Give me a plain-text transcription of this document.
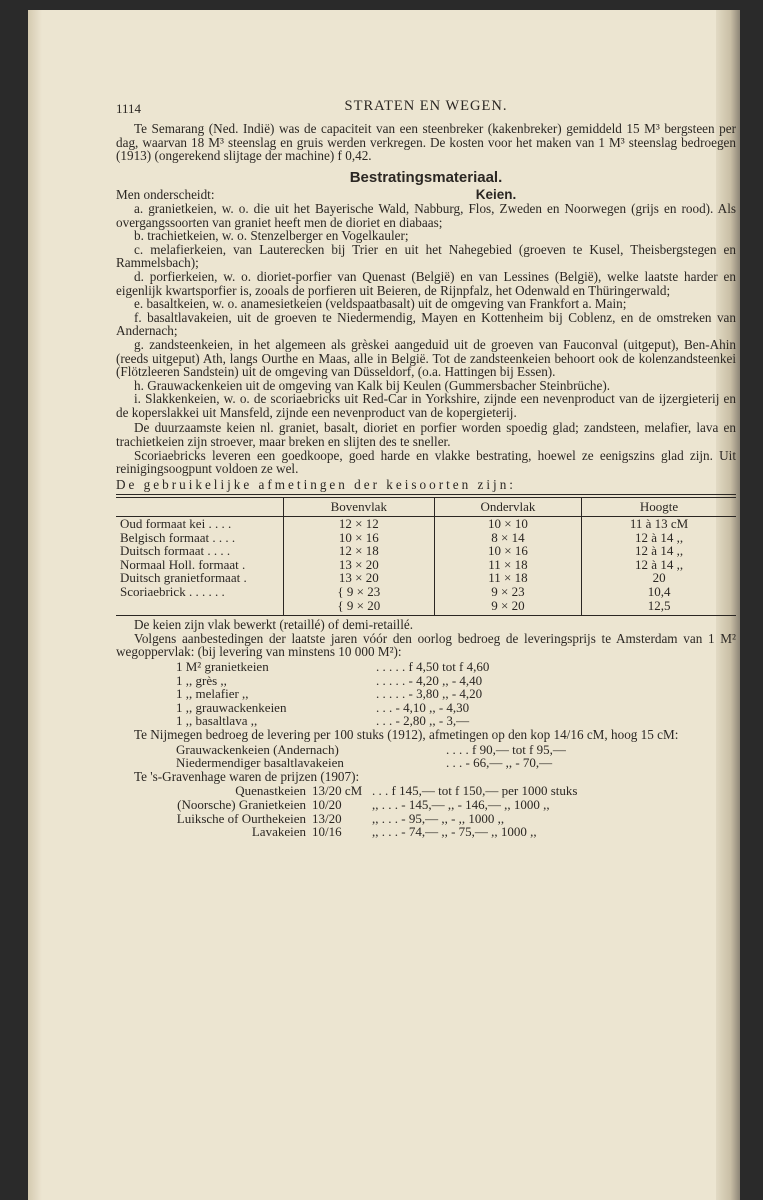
1114	STRATEN EN WEGEN.

Te Semarang (Ned. Indië) was de capaciteit van een steenbreker (kakenbreker) gemiddeld 15 M³ bergsteen per dag, waarvan 18 M³ steenslag en gruis werden verkregen. De kosten voor het maken van 1 M³ steenslag bedroegen (1913) (ongerekend slijtage der machine) f 0,42.

Bestratingsmateriaal.
Men onderscheidt:	Keien.

a. granietkeien, w. o. die uit het Bayerische Wald, Nabburg, Flos, Zweden en Noorwegen (grijs en rood). Als overgangssoorten van graniet heeft men de dioriet en diabaas;

b. trachietkeien, w. o. Stenzelberger en Vogelkauler;

c. melafierkeien, van Lauterecken bij Trier en uit het Nahegebied (groeven te Kusel, Theisbergstegen en Rammelsbach);

d. porfierkeien, w. o. dioriet-porfier van Quenast (België) en van Lessines (België), welke laatste harder en eigenlijk kwartsporfier is, zooals de porfieren uit Beieren, de Rijnpfalz, het Odenwald en Thüringerwald;

e. basaltkeien, w. o. anamesietkeien (veldspaatbasalt) uit de omgeving van Frankfort a. Main;

f. basaltlavakeien, uit de groeven te Niedermendig, Mayen en Kottenheim bij Coblenz, en de omstreken van Andernach;

g. zandsteenkeien, in het algemeen als grèskei aangeduid uit de groeven van Fauconval (uitgeput), Ben-Ahin (reeds uitgeput) Ath, langs Ourthe en Maas, alle in België. Tot de zandsteenkeien behoort ook de kolenzandsteenkei (Flötzleeren Sandstein) uit de omgeving van Düsseldorf, (o.a. Hattingen bij Essen).

h. Grauwackenkeien uit de omgeving van Kalk bij Keulen (Gummersbacher Steinbrüche).

i. Slakkenkeien, w. o. de scoriaebricks uit Red-Car in Yorkshire, zijnde een nevenproduct van de ijzergieterij en de koperslakkei uit Mansfeld, zijnde een nevenproduct van de kopergieterij.

De duurzaamste keien nl. graniet, basalt, dioriet en porfier worden spoedig glad; zandsteen, melafier, lava en trachietkeien zijn stroever, maar breken en slijten des te sneller.

Scoriaebricks leveren een goedkoope, goed harde en vlakke bestrating, hoewel ze eenigszins glad zijn. Uit reinigingsoogpunt voldoen ze wel.

De gebruikelijke afmetingen der keisoorten zijn:

	Bovenvlak	Ondervlak	Hoogte
Oud formaat kei . . . .	12 × 12	10 × 10	11 à 13 cM
Belgisch formaat . . . .	10 × 16	8 × 14	12 à 14 ,,
Duitsch formaat . . . .	12 × 18	10 × 16	12 à 14 ,,
Normaal Holl. formaat .	13 × 20	11 × 18	12 à 14 ,,
Duitsch granietformaat .	13 × 20	11 × 18	20
Scoriaebrick . . . . . .	{ 9 × 23	9 × 23	10,4
	{ 9 × 20	9 × 20	12,5

De keien zijn vlak bewerkt (retaillé) of demi-retaillé.

Volgens aanbestedingen der laatste jaren vóór den oorlog bedroeg de leveringsprijs te Amsterdam van 1 M² wegoppervlak: (bij levering van minstens 10 000 M²):

1 M² granietkeien	. . . . . f 4,50 tot f 4,60
1 ,, grès ,,	. . . . . - 4,20 ,, - 4,40
1 ,, melafier ,,	. . . . . - 3,80 ,, - 4,20
1 ,, grauwackenkeien	. . . - 4,10 ,, - 4,30
1 ,, basaltlava ,,	. . . - 2,80 ,, - 3,—

Te Nijmegen bedroeg de levering per 100 stuks (1912), afmetingen op den kop 14/16 cM, hoog 15 cM:

Grauwackenkeien (Andernach)	. . . . f 90,— tot f 95,—
Niedermendiger basaltlavakeien	. . . - 66,— ,, - 70,—

Te 's-Gravenhage waren de prijzen (1907):

Quenastkeien 13/20 cM . . . f 145,— tot f 150,— per 1000 stuks
(Noorsche) Granietkeien 10/20	,, . . . - 145,— ,, - 146,— ,, 1000 ,,
Luiksche of Ourthekeien 13/20	,, . . . - 95,— ,, - ,, 1000 ,,
Lavakeien 10/16	,, . . . - 74,— ,, - 75,— ,, 1000 ,,
